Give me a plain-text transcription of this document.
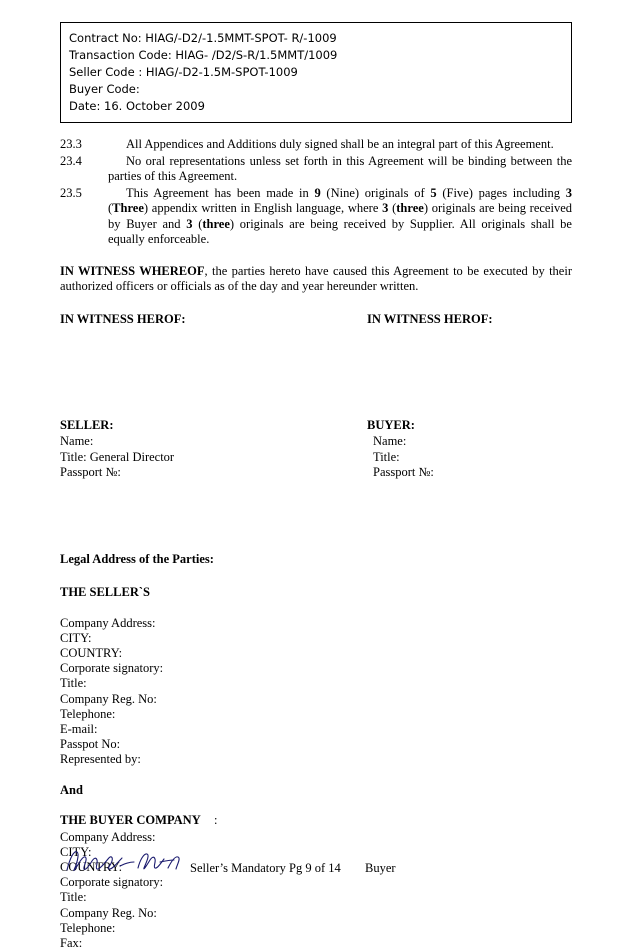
Contract No: HIAG/-D2/-1.5MMT-SPOT- R/-1009
Transaction Code: HIAG- /D2/S-R/1.5MMT/1009
Seller Code : HIAG/-D2-1.5M-SPOT-1009
Buyer Code:
Date: 16. October 2009
23.3	All Appendices and Additions duly signed shall be an integral part of this Agreement.
23.4	No oral representations unless set forth in this Agreement will be binding between the parties of this Agreement.
23.5	This Agreement has been made in 9 (Nine) originals of 5 (Five) pages including 3 (Three) appendix written in English language, where 3 (three) originals are being received by Buyer and 3 (three) originals are being received by Supplier. All originals shall be equally enforceable.
IN WITNESS WHEREOF, the parties hereto have caused this Agreement to be executed by their authorized officers or officials as of the day and year hereunder written.
IN WITNESS HEROF:	IN WITNESS HEROF:
SELLER:
Name:
Title: General Director
Passport №:
BUYER:
Name:
Title:
Passport №:
Legal Address of the Parties:
THE SELLER`S
Company Address:
CITY:
COUNTRY:
Corporate signatory:
Title:
Company Reg. No:
Telephone:
E-mail:
Passpot No:
Represented by:
And
THE BUYER COMPANY :
Company Address:
CITY:
COUNTRY:
Corporate signatory:
Title:
Company Reg. No:
Telephone:
Fax:
Seller’s Mandatory Pg 9 of 14 Buyer
